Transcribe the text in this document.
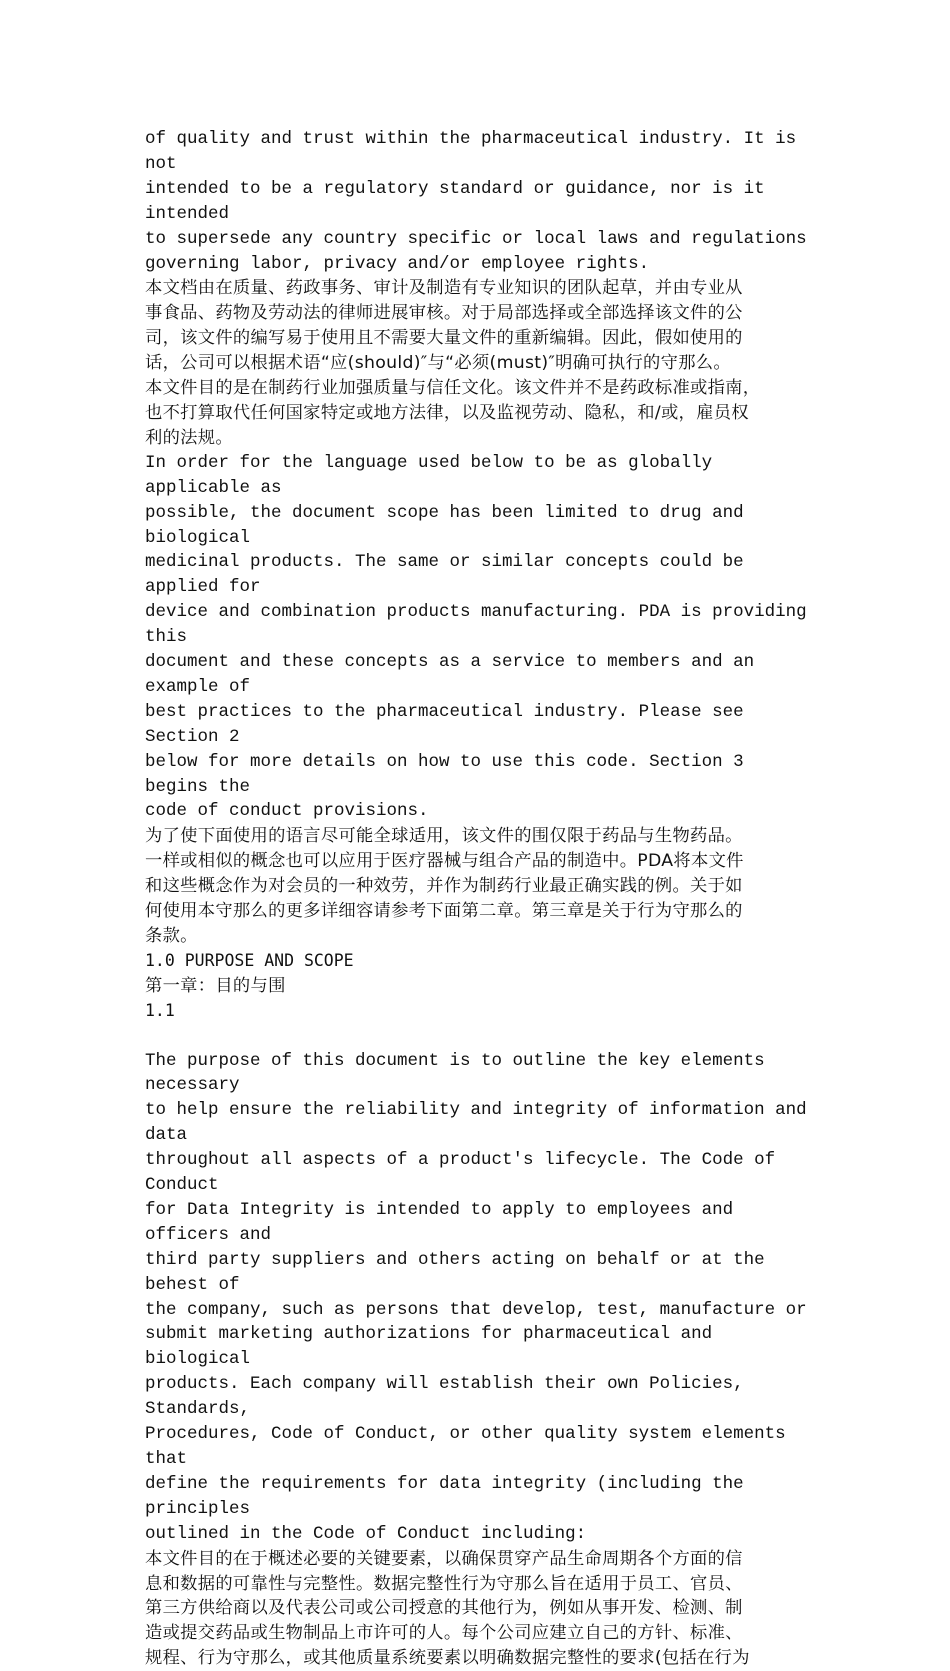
of quality and trust within the pharmaceutical industry. It is not
intended to be a regulatory standard or guidance, nor is it intended
to supersede any country specific or local laws and regulations
governing labor, privacy and/or employee rights.

本文档由在质量、药政事务、审计及制造有专业知识的团队起草，并由专业从
事食品、药物及劳动法的律师进展审核。对于局部选择或全部选择该文件的公
司，该文件的编写易于使用且不需要大量文件的重新编辑。因此，假如使用的
话，公司可以根据术语“应(should)″与“必须(must)″明确可执行的守那么。
本文件目的是在制药行业加强质量与信任文化。该文件并不是药政标准或指南，
也不打算取代任何国家特定或地方法律，以及监视劳动、隐私，和/或，雇员权
利的法规。

In order for the language used below to be as globally applicable as
possible, the document scope has been limited to drug and biological
medicinal products. The same or similar concepts could be applied for
device and combination products manufacturing. PDA is providing this
document and these concepts as a service to members and an example of
best practices to the pharmaceutical industry. Please see Section 2
below for more details on how to use this code. Section 3 begins the
code of conduct provisions.

为了使下面使用的语言尽可能全球适用，该文件的围仅限于药品与生物药品。
一样或相似的概念也可以应用于医疗器械与组合产品的制造中。PDA将本文件
和这些概念作为对会员的一种效劳，并作为制药行业最正确实践的例。关于如
何使用本守那么的更多详细容请参考下面第二章。第三章是关于行为守那么的
条款。

1.0 PURPOSE AND SCOPE

第一章：目的与围

1.1

The purpose of this document is to outline the key elements necessary
to help ensure the reliability and integrity of information and data
throughout all aspects of a product's lifecycle. The Code of Conduct
for Data Integrity is intended to apply to employees and officers and
third party suppliers and others acting on behalf or at the behest of
the company, such as persons that develop, test, manufacture or
submit marketing authorizations for pharmaceutical and biological
products. Each company will establish their own Policies, Standards,
Procedures, Code of Conduct, or other quality system elements that
define the requirements for data integrity (including the principles
outlined in the Code of Conduct including:

本文件目的在于概述必要的关键要素，以确保贯穿产品生命周期各个方面的信
息和数据的可靠性与完整性。数据完整性行为守那么旨在适用于员工、官员、
第三方供给商以及代表公司或公司授意的其他行为，例如从事开发、检测、制
造或提交药品或生物制品上市许可的人。每个公司应建立自己的方针、标准、
规程、行为守那么，或其他质量系统要素以明确数据完整性的要求(包括在行为
